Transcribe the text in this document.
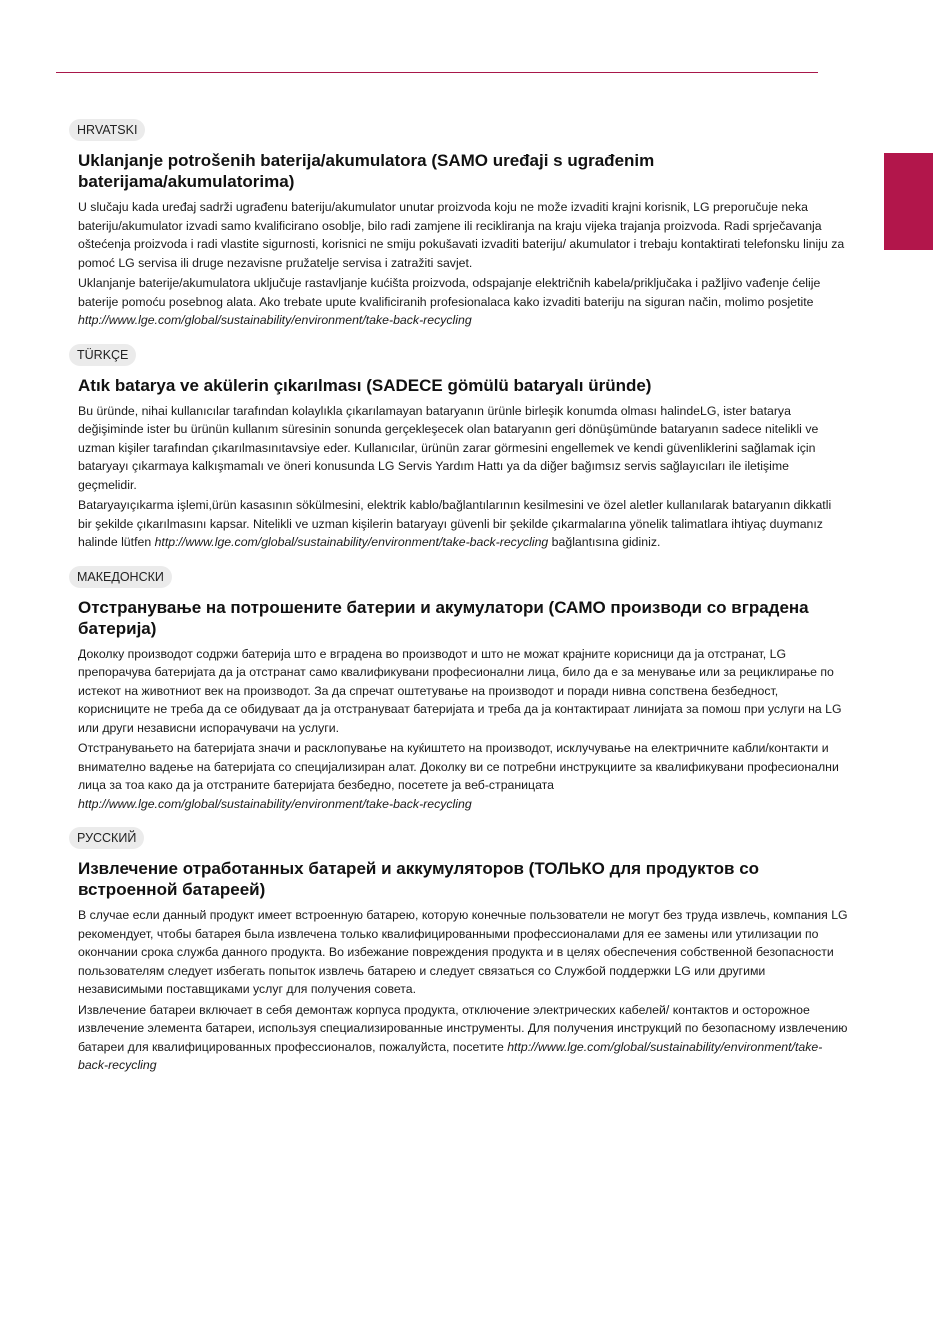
HRVATSKI
Uklanjanje potrošenih baterija/akumulatora (SAMO uređaji s ugrađenim baterijama/akumulatorima)

U slučaju kada uređaj sadrži ugrađenu bateriju/akumulator unutar proizvoda koju ne može izvaditi krajni korisnik, LG preporučuje neka bateriju/akumulator izvadi samo kvalificirano osoblje, bilo radi zamjene ili recikliranja na kraju vijeka trajanja proizvoda. Radi sprječavanja oštećenja proizvoda i radi vlastite sigurnosti, korisnici ne smiju pokušavati izvaditi bateriju/ akumulator i trebaju kontaktirati telefonsku liniju za pomoć LG servisa ili druge nezavisne pružatelje servisa i zatražiti savjet.

Uklanjanje baterije/akumulatora uključuje rastavljanje kućišta proizvoda, odspajanje električnih kabela/priključaka i pažljivo vađenje ćelije baterije pomoću posebnog alata. Ako trebate upute kvalificiranih profesionalaca kako izvaditi bateriju na siguran način, molimo posjetite http://www.lge.com/global/sustainability/environment/take-back-recycling

TÜRKÇE
Atık batarya ve akülerin çıkarılması (SADECE gömülü bataryalı üründe)

Bu üründe, nihai kullanıcılar tarafından kolaylıkla çıkarılamayan bataryanın ürünle birleşik konumda olması halindeLG, ister batarya değişiminde ister bu ürünün kullanım süresinin sonunda gerçekleşecek olan bataryanın geri dönüşümünde bataryanın sadece nitelikli ve uzman kişiler tarafından çıkarılmasınıtavsiye eder. Kullanıcılar, ürünün zarar görmesini engellemek ve kendi güvenliklerini sağlamak için bataryayı çıkarmaya kalkışmamalı ve öneri konusunda LG Servis Yardım Hattı ya da diğer bağımsız servis sağlayıcıları ile iletişime geçmelidir.

Bataryayıçıkarma işlemi,ürün kasasının sökülmesini, elektrik kablo/bağlantılarının kesilmesini ve özel aletler kullanılarak bataryanın dikkatli bir şekilde çıkarılmasını kapsar. Nitelikli ve uzman kişilerin bataryayı güvenli bir şekilde çıkarmalarına yönelik talimatlara ihtiyaç duymanız halinde lütfen http://www.lge.com/global/sustainability/environment/take-back-recycling bağlantısına gidiniz.

МАКЕДОНСКИ
Отстранување на потрошените батерии и акумулатори (САМО производи со вградена батерија)

Доколку производот содржи батерија што е вградена во производот и што не можат крајните корисници да ја отстранат, LG препорачува батеријата да ја отстранат само квалификувани професионални лица, било да е за менување или за рециклирање по истекот на животниот век на производот. За да спречат оштетување на производот и поради нивна сопствена безбедност, корисниците не треба да се обидуваат да ја отстрануваат батеријата и треба да ја контактираат линијата за помош при услуги на LG или други независни испорачувачи на услуги.

Отстранувањето на батеријата значи и расклопување на куќиштето на производот, исклучување на електричните кабли/контакти и внимателно вадење на батеријата со специјализиран алат. Доколку ви се потребни инструкциите за квалификувани професионални лица за тоа како да ја отстраните батеријата безбедно, посетете ја веб-страницата http://www.lge.com/global/sustainability/environment/take-back-recycling

РУССКИЙ
Извлечение отработанных батарей и аккумуляторов (ТОЛЬКО для продуктов со встроенной батареей)

В случае если данный продукт имеет встроенную батарею, которую конечные пользователи не могут без труда извлечь, компания LG рекомендует, чтобы батарея была извлечена только квалифицированными профессионалами для ее замены или утилизации по окончании срока служба данного продукта. Во избежание повреждения продукта и в целях обеспечения собственной безопасности пользователям следует избегать попыток извлечь батарею и следует связаться со Службой поддержки LG или другими независимыми поставщиками услуг для получения совета.

Извлечение батареи включает в себя демонтаж корпуса продукта, отключение электрических кабелей/ контактов и осторожное извлечение элемента батареи, используя специализированные инструменты. Для получения инструкций по безопасному извлечению батареи для квалифицированных профессионалов, пожалуйста, посетите http://www.lge.com/global/sustainability/environment/take-back-recycling
